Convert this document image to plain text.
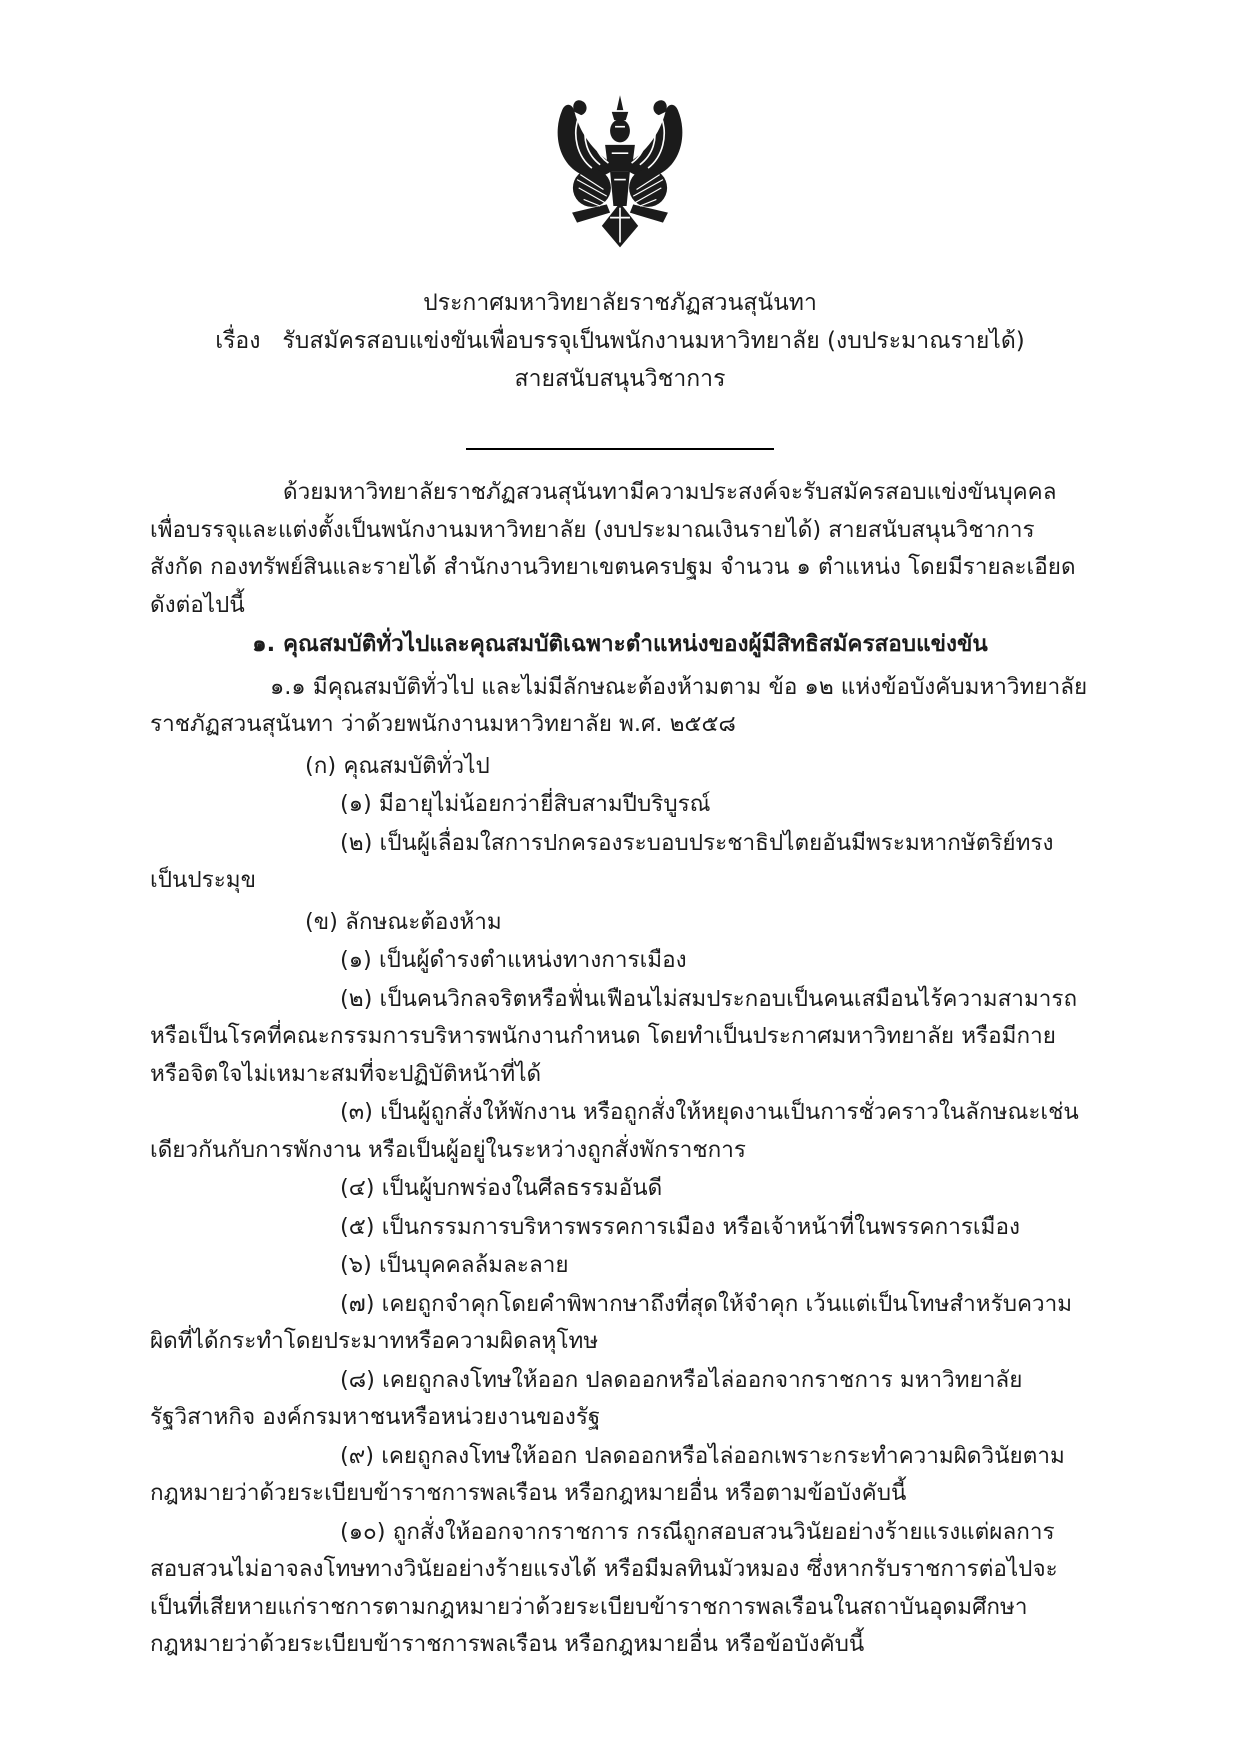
ประกาศมหาวิทยาลัยราชภัฏสวนสุนันทา
เรื่อง   รับสมัครสอบแข่งขันเพื่อบรรจุเป็นพนักงานมหาวิทยาลัย (งบประมาณรายได้)
สายสนับสนุนวิชาการ

ด้วยมหาวิทยาลัยราชภัฏสวนสุนันทามีความประสงค์จะรับสมัครสอบแข่งขันบุคคลเพื่อบรรจุและแต่งตั้งเป็นพนักงานมหาวิทยาลัย (งบประมาณเงินรายได้) สายสนับสนุนวิชาการ สังกัด กองทรัพย์สินและรายได้ สำนักงานวิทยาเขตนครปฐม จำนวน ๑ ตำแหน่ง โดยมีรายละเอียดดังต่อไปนี้

๑. คุณสมบัติทั่วไปและคุณสมบัติเฉพาะตำแหน่งของผู้มีสิทธิสมัครสอบแข่งขัน

๑.๑ มีคุณสมบัติทั่วไป และไม่มีลักษณะต้องห้ามตาม ข้อ ๑๒ แห่งข้อบังคับมหาวิทยาลัยราชภัฏสวนสุนันทา ว่าด้วยพนักงานมหาวิทยาลัย พ.ศ. ๒๕๕๘

(ก) คุณสมบัติทั่วไป

(๑) มีอายุไม่น้อยกว่ายี่สิบสามปีบริบูรณ์

(๒) เป็นผู้เลื่อมใสการปกครองระบอบประชาธิปไตยอันมีพระมหากษัตริย์ทรงเป็นประมุข

(ข) ลักษณะต้องห้าม

(๑) เป็นผู้ดำรงตำแหน่งทางการเมือง

(๒) เป็นคนวิกลจริตหรือฟั่นเฟือนไม่สมประกอบเป็นคนเสมือนไร้ความสามารถหรือเป็นโรคที่คณะกรรมการบริหารพนักงานกำหนด โดยทำเป็นประกาศมหาวิทยาลัย หรือมีกายหรือจิตใจไม่เหมาะสมที่จะปฏิบัติหน้าที่ได้

(๓) เป็นผู้ถูกสั่งให้พักงาน หรือถูกสั่งให้หยุดงานเป็นการชั่วคราวในลักษณะเช่นเดียวกันกับการพักงาน หรือเป็นผู้อยู่ในระหว่างถูกสั่งพักราชการ

(๔) เป็นผู้บกพร่องในศีลธรรมอันดี

(๕) เป็นกรรมการบริหารพรรคการเมือง หรือเจ้าหน้าที่ในพรรคการเมือง

(๖) เป็นบุคคลล้มละลาย

(๗) เคยถูกจำคุกโดยคำพิพากษาถึงที่สุดให้จำคุก เว้นแต่เป็นโทษสำหรับความผิดที่ได้กระทำโดยประมาทหรือความผิดลหุโทษ

(๘) เคยถูกลงโทษให้ออก ปลดออกหรือไล่ออกจากราชการ มหาวิทยาลัย รัฐวิสาหกิจ องค์กรมหาชนหรือหน่วยงานของรัฐ

(๙) เคยถูกลงโทษให้ออก ปลดออกหรือไล่ออกเพราะกระทำความผิดวินัยตามกฎหมายว่าด้วยระเบียบข้าราชการพลเรือน หรือกฎหมายอื่น หรือตามข้อบังคับนี้

(๑๐) ถูกสั่งให้ออกจากราชการ กรณีถูกสอบสวนวินัยอย่างร้ายแรงแต่ผลการสอบสวนไม่อาจลงโทษทางวินัยอย่างร้ายแรงได้ หรือมีมลทินมัวหมอง ซึ่งหากรับราชการต่อไปจะเป็นที่เสียหายแก่ราชการตามกฎหมายว่าด้วยระเบียบข้าราชการพลเรือนในสถาบันอุดมศึกษา กฎหมายว่าด้วยระเบียบข้าราชการพลเรือน หรือกฎหมายอื่น หรือข้อบังคับนี้
